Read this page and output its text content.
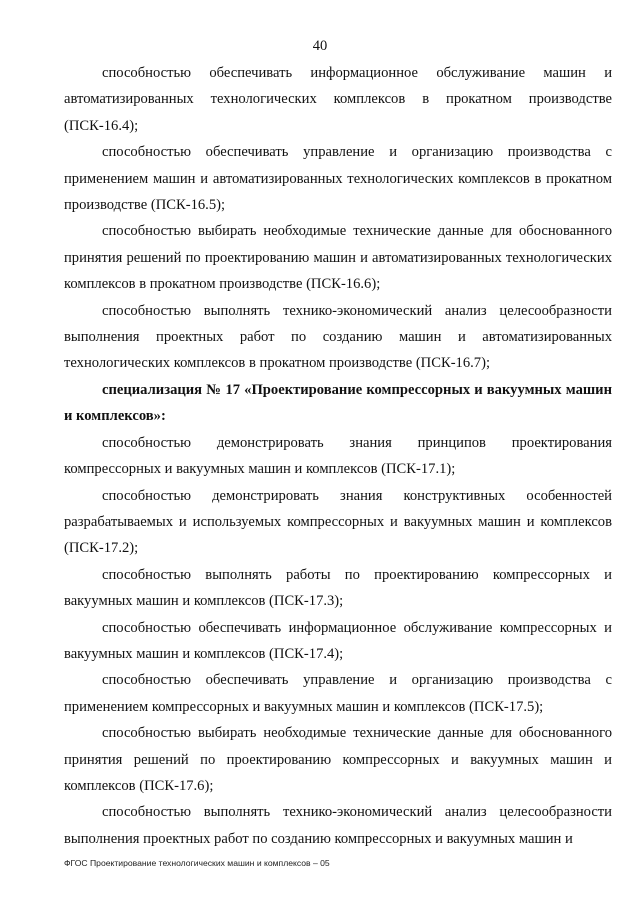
40

способностью обеспечивать информационное обслуживание машин и автоматизированных технологических комплексов в прокатном производстве (ПСК-16.4);

способностью обеспечивать управление и организацию производства с применением машин и автоматизированных технологических комплексов в прокатном производстве (ПСК-16.5);

способностью выбирать необходимые технические данные для обоснованного принятия решений по проектированию машин и автоматизированных технологических комплексов в прокатном производстве (ПСК-16.6);

способностью выполнять технико-экономический анализ целесообразности выполнения проектных работ по созданию машин и автоматизированных технологических комплексов в прокатном производстве (ПСК-16.7);

специализация № 17 «Проектирование компрессорных и вакуумных машин и комплексов»:

способностью демонстрировать знания принципов проектирования компрессорных и вакуумных машин и комплексов (ПСК-17.1);

способностью демонстрировать знания конструктивных особенностей разрабатываемых и используемых компрессорных и вакуумных машин и комплексов (ПСК-17.2);

способностью выполнять работы по проектированию компрессорных и вакуумных машин и комплексов (ПСК-17.3);

способностью обеспечивать информационное обслуживание компрессорных и вакуумных машин и комплексов (ПСК-17.4);

способностью обеспечивать управление и организацию производства с применением компрессорных и вакуумных машин и комплексов (ПСК-17.5);

способностью выбирать необходимые технические данные для обоснованного принятия решений по проектированию компрессорных и вакуумных машин и комплексов (ПСК-17.6);

способностью выполнять технико-экономический анализ целесообразности выполнения проектных работ по созданию компрессорных и вакуумных машин и

ФГОС Проектирование технологических машин и комплексов – 05
